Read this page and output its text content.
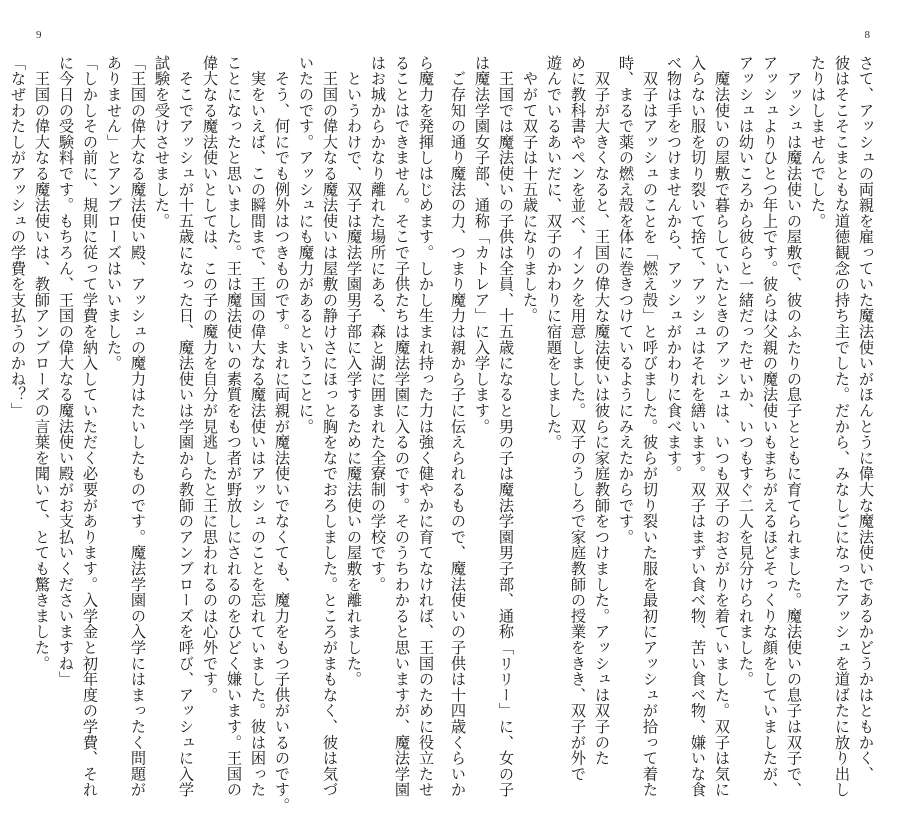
9

ら魔力を発揮しはじめます。しかし生まれ持った力は強く健やかに育てなければ、王国のために役立たせ

ることはできません。そこで子供たちは魔法学園に入るのです。そのうちわかると思いますが、魔法学園

はお城からかなり離れた場所にある、森と湖に囲まれた全寮制の学校です。

　というわけで、双子は魔法学園男子部に入学するために魔法使いの屋敷を離れました。

　王国の偉大なる魔法使いは屋敷の静けさにほっと胸をなでおろしました。ところがまもなく、彼は気づ

いたのです。アッシュにも魔力があるということに。

　そう、何にでも例外はつきものです。まれに両親が魔法使いでなくても、魔力をもつ子供がいるのです。

　実をいえば、この瞬間まで、王国の偉大なる魔法使いはアッシュのことを忘れていました。彼は困った

ことになったと思いました。王は魔法使いの素質をもつ者が野放しにされるのをひどく嫌います。王国の

偉大なる魔法使いとしては、この子の魔力を自分が見逃したと王に思われるのは心外です。

　そこでアッシュが十五歳になった日、魔法使いは学園から教師のアンブローズを呼び、アッシュに入学

試験を受けさせました。

「王国の偉大なる魔法使い殿、アッシュの魔力はたいしたものです。魔法学園の入学にはまったく問題が

ありません」とアンブローズはいいました。

「しかしその前に、規則に従って学費を納入していただく必要があります。入学金と初年度の学費、それ

に今日の受験料です。もちろん、王国の偉大なる魔法使い殿がお支払いくださいますね」

　王国の偉大なる魔法使いは、教師アンブローズの言葉を聞いて、とても驚きました。

「なぜわたしがアッシュの学費を支払うのかね？」

8

さて、アッシュの両親を雇っていた魔法使いがほんとうに偉大な魔法使いであるかどうかはともかく、

彼はそこそこまともな道徳観念の持ち主でした。だから、みなしごになったアッシュを道ばたに放り出し

たりはしませんでした。

　アッシュは魔法使いの屋敷で、彼のふたりの息子とともに育てられました。魔法使いの息子は双子で、

アッシュよりひとつ年上です。彼らは父親の魔法使いもまちがえるほどそっくりな顔をしていましたが、

アッシュは幼いころから彼らと一緒だったせいか、いつもすぐ二人を見分けられました。

　魔法使いの屋敷で暮らしていたときのアッシュは、いつも双子のおさがりを着ていました。双子は気に

入らない服を切り裂いて捨て、アッシュはそれを繕います。双子はまずい食べ物、苦い食べ物、嫌いな食

べ物は手をつけませんから、アッシュがかわりに食べます。

　双子はアッシュのことを「燃え殻」と呼びました。彼らが切り裂いた服を最初にアッシュが拾って着た

時、まるで薬の燃え殻を体に巻きつけているようにみえたからです。

　双子が大きくなると、王国の偉大な魔法使いは彼らに家庭教師をつけました。アッシュは双子のた

めに教科書やペンを並べ、インクを用意しました。双子のうしろで家庭教師の授業をきき、双子が外で

遊んでいるあいだに、双子のかわりに宿題をしました。

　やがて双子は十五歳になりました。

　王国では魔法使いの子供は全員、十五歳になると男の子は魔法学園男子部、通称「リリー」に、女の子

は魔法学園女子部、通称「カトレア」に入学します。

　ご存知の通り魔法の力、つまり魔力は親から子に伝えられるもので、魔法使いの子供は十四歳くらいか
